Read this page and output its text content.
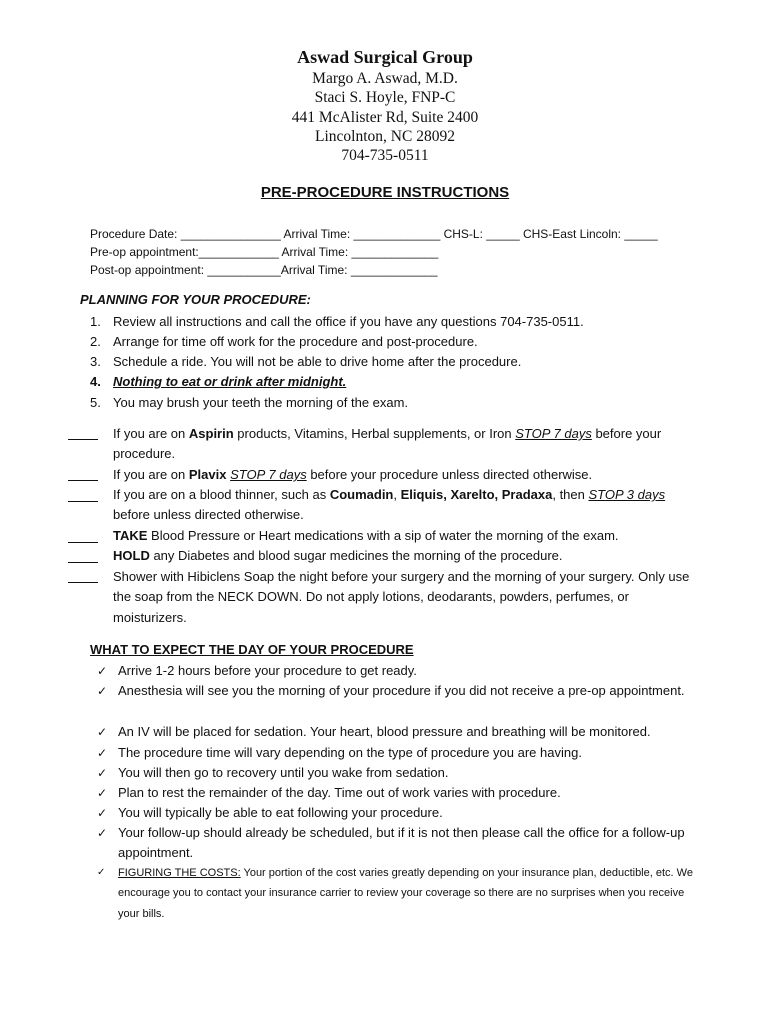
Aswad Surgical Group
Margo A. Aswad, M.D.
Staci S. Hoyle, FNP-C
441 McAlister Rd, Suite 2400
Lincolnton, NC 28092
704-735-0511
PRE-PROCEDURE INSTRUCTIONS
Procedure Date: _______________ Arrival Time: _____________ CHS-L: _____ CHS-East Lincoln: _____
Pre-op appointment:____________ Arrival Time: _____________
Post-op appointment: ___________Arrival Time: _____________
PLANNING FOR YOUR PROCEDURE:
1. Review all instructions and call the office if you have any questions 704-735-0511.
2. Arrange for time off work for the procedure and post-procedure.
3. Schedule a ride. You will not be able to drive home after the procedure.
4. Nothing to eat or drink after midnight.
5. You may brush your teeth the morning of the exam.
If you are on Aspirin products, Vitamins, Herbal supplements, or Iron STOP 7 days before your procedure.
If you are on Plavix STOP 7 days before your procedure unless directed otherwise.
If you are on a blood thinner, such as Coumadin, Eliquis, Xarelto, Pradaxa, then STOP 3 days before unless directed otherwise.
TAKE Blood Pressure or Heart medications with a sip of water the morning of the exam.
HOLD any Diabetes and blood sugar medicines the morning of the procedure.
Shower with Hibiclens Soap the night before your surgery and the morning of your surgery. Only use the soap from the NECK DOWN. Do not apply lotions, deodarants, powders, perfumes, or moisturizers.
WHAT TO EXPECT THE DAY OF YOUR PROCEDURE
✓ Arrive 1-2 hours before your procedure to get ready.
✓ Anesthesia will see you the morning of your procedure if you did not receive a pre-op appointment.
✓ An IV will be placed for sedation. Your heart, blood pressure and breathing will be monitored.
✓ The procedure time will vary depending on the type of procedure you are having.
✓ You will then go to recovery until you wake from sedation.
✓ Plan to rest the remainder of the day. Time out of work varies with procedure.
✓ You will typically be able to eat following your procedure.
✓ Your follow-up should already be scheduled, but if it is not then please call the office for a follow-up appointment.
✓	FIGURING THE COSTS: Your portion of the cost varies greatly depending on your insurance plan, deductible, etc. We encourage you to contact your insurance carrier to review your coverage so there are no surprises when you receive your bills.
